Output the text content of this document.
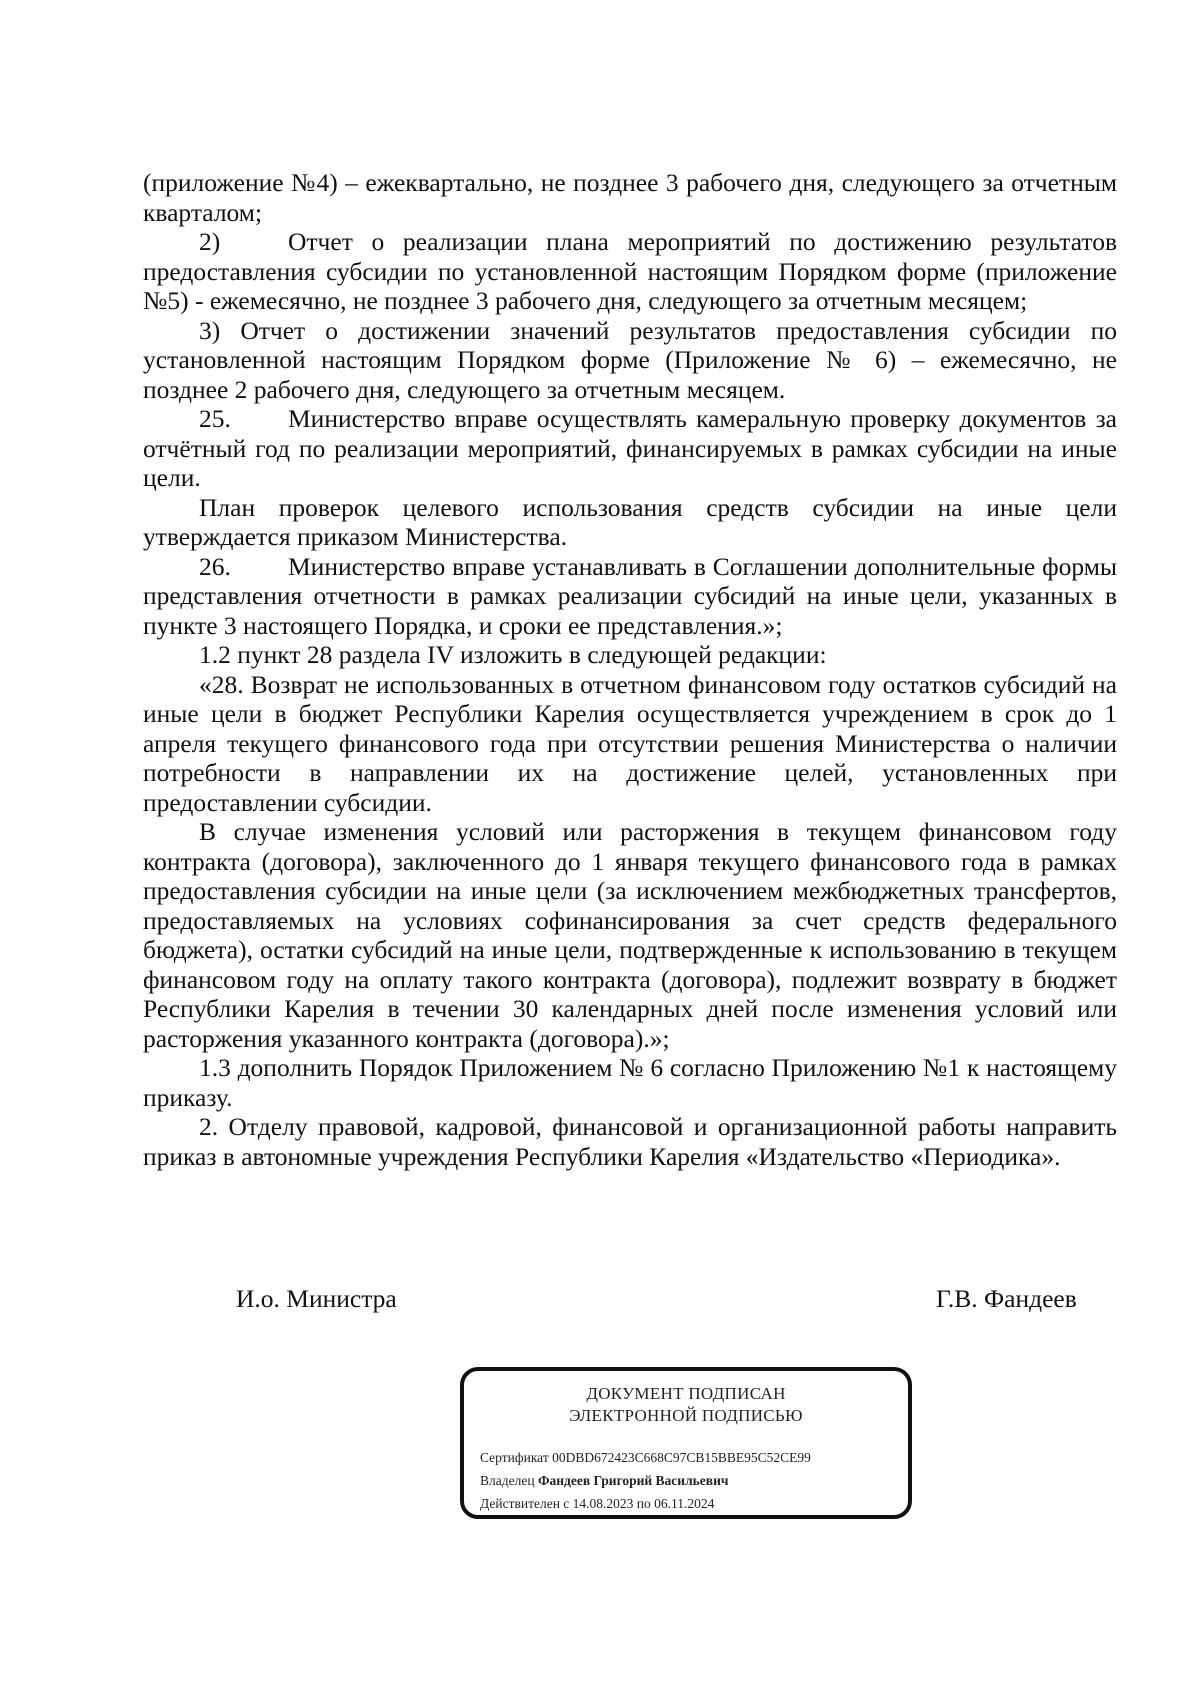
(приложение №4) – ежеквартально, не позднее 3 рабочего дня, следующего за отчетным кварталом;

2)	Отчет о реализации плана мероприятий по достижению результатов предоставления субсидии по установленной настоящим Порядком форме (приложение №5) - ежемесячно, не позднее 3 рабочего дня, следующего за отчетным месяцем;

3) Отчет о достижении значений результатов предоставления субсидии по установленной настоящим Порядком форме (Приложение № 6) – ежемесячно, не позднее 2 рабочего дня, следующего за отчетным месяцем.

25. Министерство вправе осуществлять камеральную проверку документов за отчётный год по реализации мероприятий, финансируемых в рамках субсидии на иные цели.

План проверок целевого использования средств субсидии на иные цели утверждается приказом Министерства.

26. Министерство вправе устанавливать в Соглашении дополнительные формы представления отчетности в рамках реализации субсидий на иные цели, указанных в пункте 3 настоящего Порядка, и сроки ее представления.»;

1.2 пункт 28 раздела IV изложить в следующей редакции:

«28. Возврат не использованных в отчетном финансовом году остатков субсидий на иные цели в бюджет Республики Карелия осуществляется учреждением в срок до 1 апреля текущего финансового года при отсутствии решения Министерства о наличии потребности в направлении их на достижение целей, установленных при предоставлении субсидии.

В случае изменения условий или расторжения в текущем финансовом году контракта (договора), заключенного до 1 января текущего финансового года в рамках предоставления субсидии на иные цели (за исключением межбюджетных трансфертов, предоставляемых на условиях софинансирования за счет средств федерального бюджета), остатки субсидий на иные цели, подтвержденные к использованию в текущем финансовом году на оплату такого контракта (договора), подлежит возврату в бюджет Республики Карелия в течении 30 календарных дней после изменения условий или расторжения указанного контракта (договора).»;

1.3 дополнить Порядок Приложением № 6 согласно Приложению №1 к настоящему приказу.

2. Отделу правовой, кадровой, финансовой и организационной работы направить приказ в автономные учреждения Республики Карелия «Издательство «Периодика».

И.о. Министра	Г.В. Фандеев
ДОКУМЕНТ ПОДПИСАН
ЭЛЕКТРОННОЙ ПОДПИСЬЮ
Сертификат 00DBD672423C668C97CB15BBE95C52CE99
Владелец Фандеев Григорий Васильевич
Действителен с 14.08.2023 по 06.11.2024
